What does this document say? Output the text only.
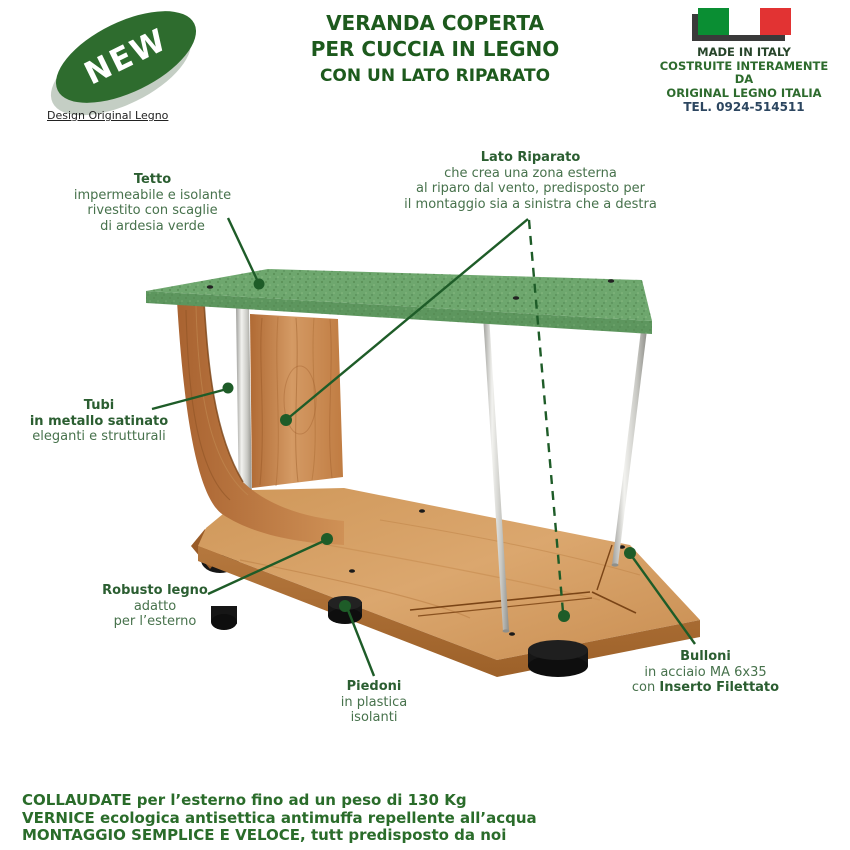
NEW
Design Original Legno
VERANDA COPERTA
PER CUCCIA IN LEGNO
CON UN LATO RIPARATO
MADE IN ITALY
COSTRUITE INTERAMENTE
DA
ORIGINAL LEGNO ITALIA
TEL. 0924-514511
Tetto
impermeabile e isolante
rivestito con scaglie
di ardesia verde
Lato Riparato
che crea una zona esterna
al riparo dal vento, predisposto per
il montaggio sia a sinistra che a destra
Tubi
in metallo satinato
eleganti e strutturali
Robusto legno
adatto
per l’esterno
Piedoni
in plastica
isolanti
Bulloni
in acciaio MA 6x35
con Inserto Filettato
COLLAUDATE per l’esterno fino ad un peso di 130 Kg
VERNICE ecologica antisettica antimuffa repellente all’acqua
MONTAGGIO SEMPLICE E VELOCE, tutt predisposto da noi
